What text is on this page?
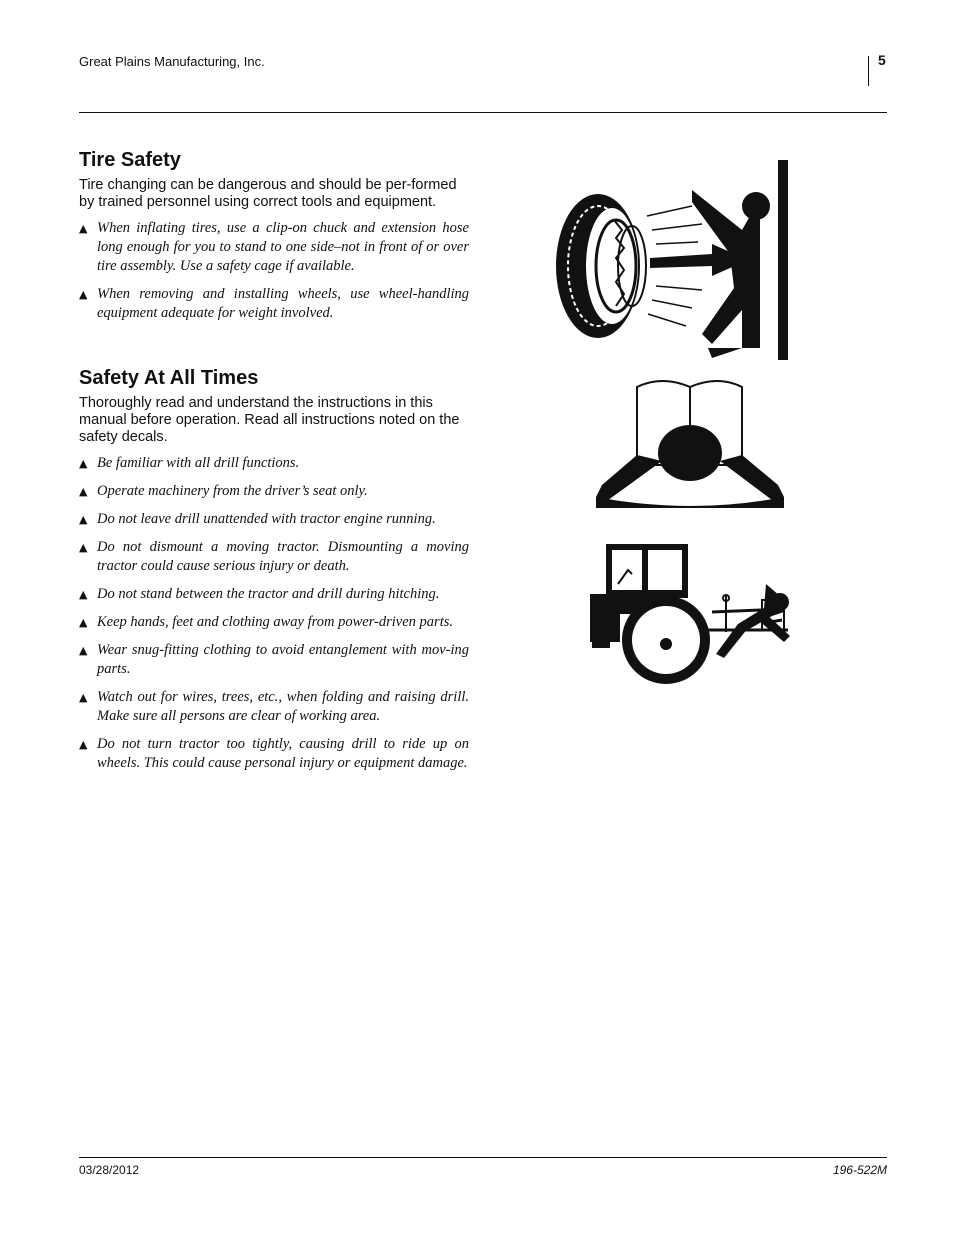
Great Plains Manufacturing, Inc.	5
Tire Safety
Tire changing can be dangerous and should be per-formed by trained personnel using correct tools and equipment.
▲ When inflating tires, use a clip-on chuck and extension hose long enough for you to stand to one side–not in front of or over tire assembly. Use a safety cage if available.
▲ When removing and installing wheels, use wheel-handling equipment adequate for weight involved.
Safety At All Times
Thoroughly read and understand the instructions in this manual before operation. Read all instructions noted on the safety decals.
▲ Be familiar with all drill functions.
▲ Operate machinery from the driver’s seat only.
▲ Do not leave drill unattended with tractor engine running.
▲ Do not dismount a moving tractor. Dismounting a moving tractor could cause serious injury or death.
▲ Do not stand between the tractor and drill during hitching.
▲ Keep hands, feet and clothing away from power-driven parts.
▲ Wear snug-fitting clothing to avoid entanglement with mov-ing parts.
▲ Watch out for wires, trees, etc., when folding and raising drill. Make sure all persons are clear of working area.
▲ Do not turn tractor too tightly, causing drill to ride up on wheels. This could cause personal injury or equipment damage.
03/28/2012	196-522M
